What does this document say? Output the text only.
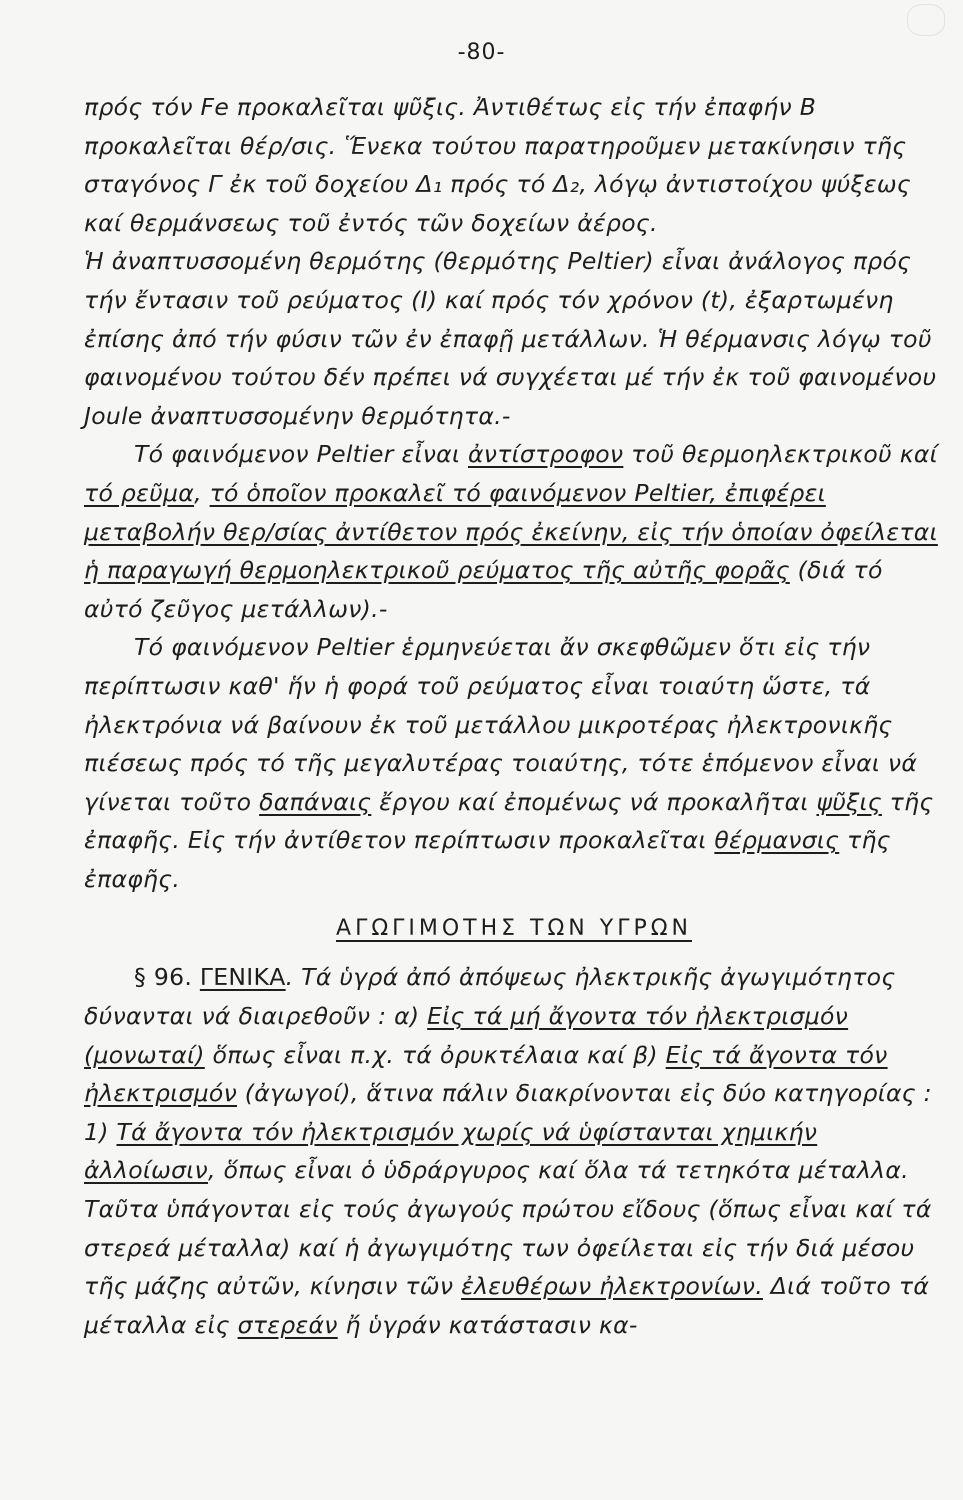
-80-

πρός τόν Fe προκαλεῖται ψῦξις. Ἀντιθέτως εἰς τήν ἐπαφήν Β προκαλεῖται θέρ/σις. Ἕνεκα τούτου παρατηροῦμεν μετακίνησιν τῆς σταγόνος Γ ἐκ τοῦ δοχείου Δ₁ πρός τό Δ₂, λόγῳ ἀντιστοίχου ψύξεως καί θερμάνσεως τοῦ ἐντός τῶν δοχείων ἀέρος.

Ἡ ἀναπτυσσομένη θερμότης (θερμότης Peltier) εἶναι ἀνάλογος πρός τήν ἔντασιν τοῦ ρεύματος (I) καί πρός τόν χρόνον (t), ἐξαρτωμένη ἐπίσης ἀπό τήν φύσιν τῶν ἐν ἐπαφῇ μετάλλων. Ἡ θέρμανσις λόγῳ τοῦ φαινομένου τούτου δέν πρέπει νά συγχέεται μέ τήν ἐκ τοῦ φαινομένου Joule ἀναπτυσσομένην θερμότητα.-

Τό φαινόμενον Peltier εἶναι ἀντίστροφον τοῦ θερμοηλεκτρικοῦ καί τό ρεῦμα, τό ὁποῖον προκαλεῖ τό φαινόμενον Peltier, ἐπιφέρει μεταβολήν θερ/σίας ἀντίθετον πρός ἐκείνην, εἰς τήν ὁποίαν ὀφείλεται ἡ παραγωγή θερμοηλεκτρικοῦ ρεύματος τῆς αὐτῆς φορᾶς (διά τό αὐτό ζεῦγος μετάλλων).-

Τό φαινόμενον Peltier ἑρμηνεύεται ἄν σκεφθῶμεν ὅτι εἰς τήν περίπτωσιν καθ' ἥν ἡ φορά τοῦ ρεύματος εἶναι τοιαύτη ὥστε, τά ἠλεκτρόνια νά βαίνουν ἐκ τοῦ μετάλλου μικροτέρας ἠλεκτρονικῆς πιέσεως πρός τό τῆς μεγαλυτέρας τοιαύτης, τότε ἑπόμενον εἶναι νά γίνεται τοῦτο δαπάναις ἔργου καί ἐπομένως νά προκαλῆται ψῦξις τῆς ἐπαφῆς. Εἰς τήν ἀντίθετον περίπτωσιν προκαλεῖται θέρμανσις τῆς ἐπαφῆς.

ΑΓΩΓΙΜΟΤΗΣ ΤΩΝ ΥΓΡΩΝ

§ 96. ΓΕΝΙΚΑ. Τά ὑγρά ἀπό ἀπόψεως ἠλεκτρικῆς ἀγωγιμότητος δύνανται νά διαιρεθοῦν : α) Εἰς τά μή ἄγοντα τόν ἠλεκτρισμόν (μονωταί) ὅπως εἶναι π.χ. τά ὀρυκτέλαια καί β) Εἰς τά ἄγοντα τόν ἠλεκτρισμόν (ἀγωγοί), ἅτινα πάλιν διακρίνονται εἰς δύο κατηγορίας : 1) Τά ἄγοντα τόν ἠλεκτρισμόν χωρίς νά ὑφίστανται χημικήν ἀλλοίωσιν, ὅπως εἶναι ὁ ὑδράργυρος καί ὅλα τά τετηκότα μέταλλα. Ταῦτα ὑπάγονται εἰς τούς ἀγωγούς πρώτου εἴδους (ὅπως εἶναι καί τά στερεά μέταλλα) καί ἡ ἀγωγιμότης των ὀφείλεται εἰς τήν διά μέσου τῆς μάζης αὐτῶν, κίνησιν τῶν ἐλευθέρων ἠλεκτρονίων. Διά τοῦτο τά μέταλλα εἰς στερεάν ἤ ὑγράν κατάστασιν κα-
